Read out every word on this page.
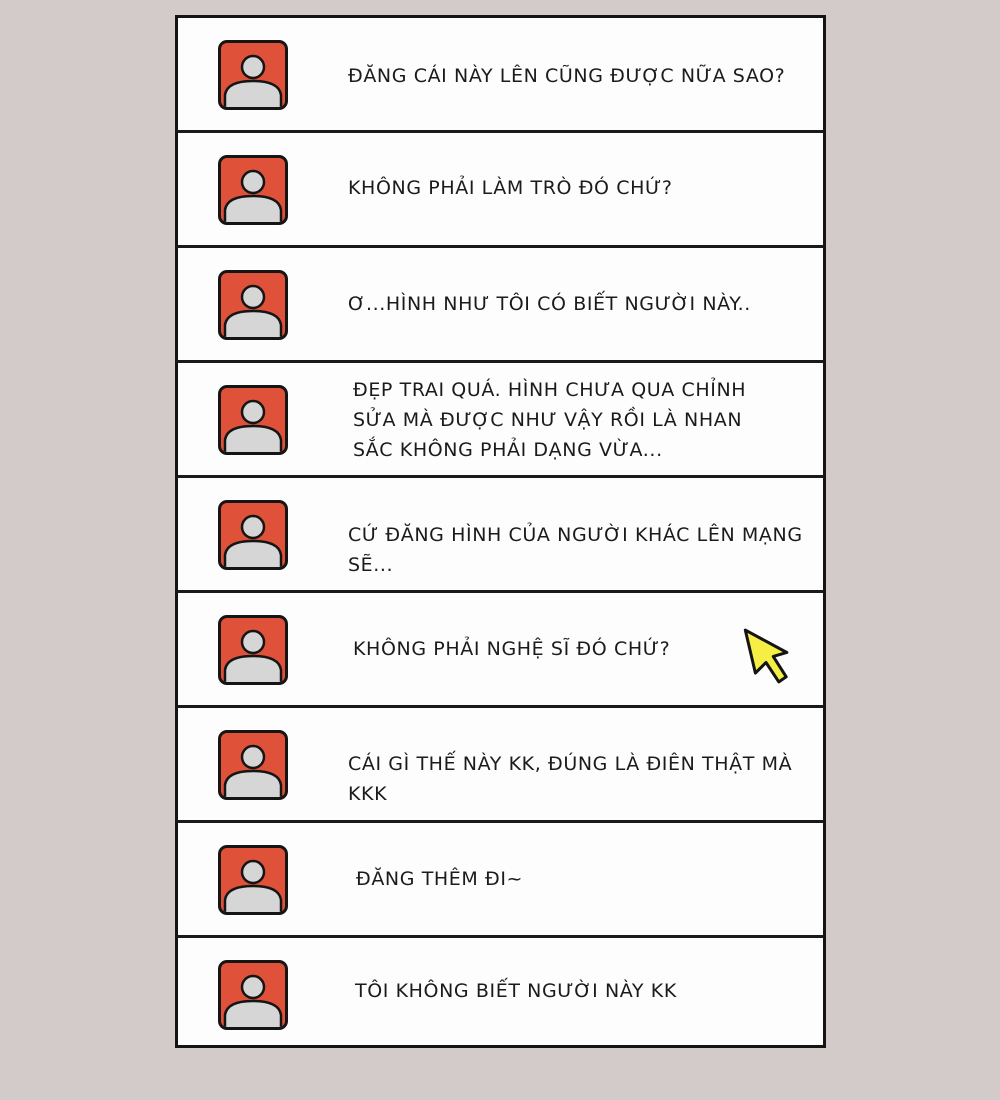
ĐĂNG CÁI NÀY LÊN CŨNG ĐƯỢC NỮA SAO?
KHÔNG PHẢI LÀM TRÒ ĐÓ CHỨ?
Ơ...HÌNH NHƯ TÔI CÓ BIẾT NGƯỜI NÀY..
ĐẸP TRAI QUÁ. HÌNH CHƯA QUA CHỈNH
SỬA MÀ ĐƯỢC NHƯ VẬY RỒI LÀ NHAN
SẮC KHÔNG PHẢI DẠNG VỪA...
CỨ ĐĂNG HÌNH CỦA NGƯỜI KHÁC LÊN MẠNG SẼ...
KHÔNG PHẢI NGHỆ SĨ ĐÓ CHỨ?
CÁI GÌ THẾ NÀY KK, ĐÚNG LÀ ĐIÊN THẬT MÀ KKK
ĐĂNG THÊM ĐI~
TÔI KHÔNG BIẾT NGƯỜI NÀY KK
